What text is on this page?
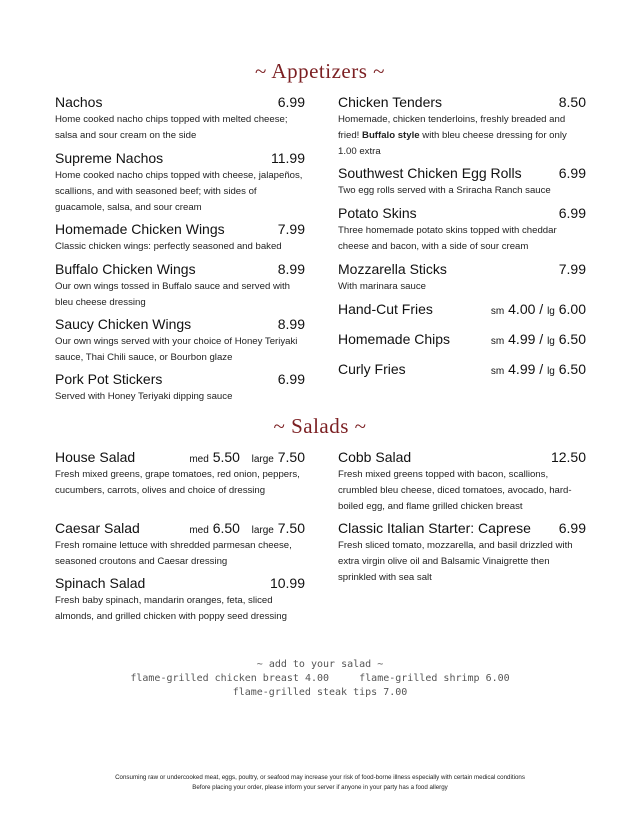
~ Appetizers ~
Nachos	6.99
Home cooked nacho chips topped with melted cheese; salsa and sour cream on the side
Supreme Nachos	11.99
Home cooked nacho chips topped with cheese, jalapeños, scallions, and with seasoned beef; with sides of guacamole, salsa, and sour cream
Homemade Chicken Wings	7.99
Classic chicken wings: perfectly seasoned and baked
Buffalo Chicken Wings	8.99
Our own wings tossed in Buffalo sauce and served with bleu cheese dressing
Saucy Chicken Wings	8.99
Our own wings served with your choice of Honey Teriyaki sauce, Thai Chili sauce, or Bourbon glaze
Pork Pot Stickers	6.99
Served with Honey Teriyaki dipping sauce
Chicken Tenders	8.50
Homemade, chicken tenderloins, freshly breaded and fried! Buffalo style with bleu cheese dressing for only 1.00 extra
Southwest Chicken Egg Rolls	6.99
Two egg rolls served with a Sriracha Ranch sauce
Potato Skins	6.99
Three homemade potato skins topped with cheddar cheese and bacon, with a side of sour cream
Mozzarella Sticks	7.99
With marinara sauce
Hand-Cut Fries	sm 4.00 / lg 6.00
Homemade Chips	sm 4.99 / lg 6.50
Curly Fries	sm 4.99 / lg 6.50
~ Salads ~
House Salad	med 5.50 large 7.50
Fresh mixed greens, grape tomatoes, red onion, peppers, cucumbers, carrots, olives and choice of dressing
Caesar Salad	med 6.50 large 7.50
Fresh romaine lettuce with shredded parmesan cheese, seasoned croutons and Caesar dressing
Spinach Salad	10.99
Fresh baby spinach, mandarin oranges, feta, sliced almonds, and grilled chicken with poppy seed dressing
Cobb Salad	12.50
Fresh mixed greens topped with bacon, scallions, crumbled bleu cheese, diced tomatoes, avocado, hard-boiled egg, and flame grilled chicken breast
Classic Italian Starter: Caprese 6.99
Fresh sliced tomato, mozzarella, and basil drizzled with extra virgin olive oil and Balsamic Vinaigrette then sprinkled with sea salt
~ add to your salad ~
flame-grilled chicken breast 4.00	flame-grilled shrimp 6.00
flame-grilled steak tips 7.00
Consuming raw or undercooked meat, eggs, poultry, or seafood may increase your risk of food-borne illness especially with certain medical conditions
Before placing your order, please inform your server if anyone in your party has a food allergy
